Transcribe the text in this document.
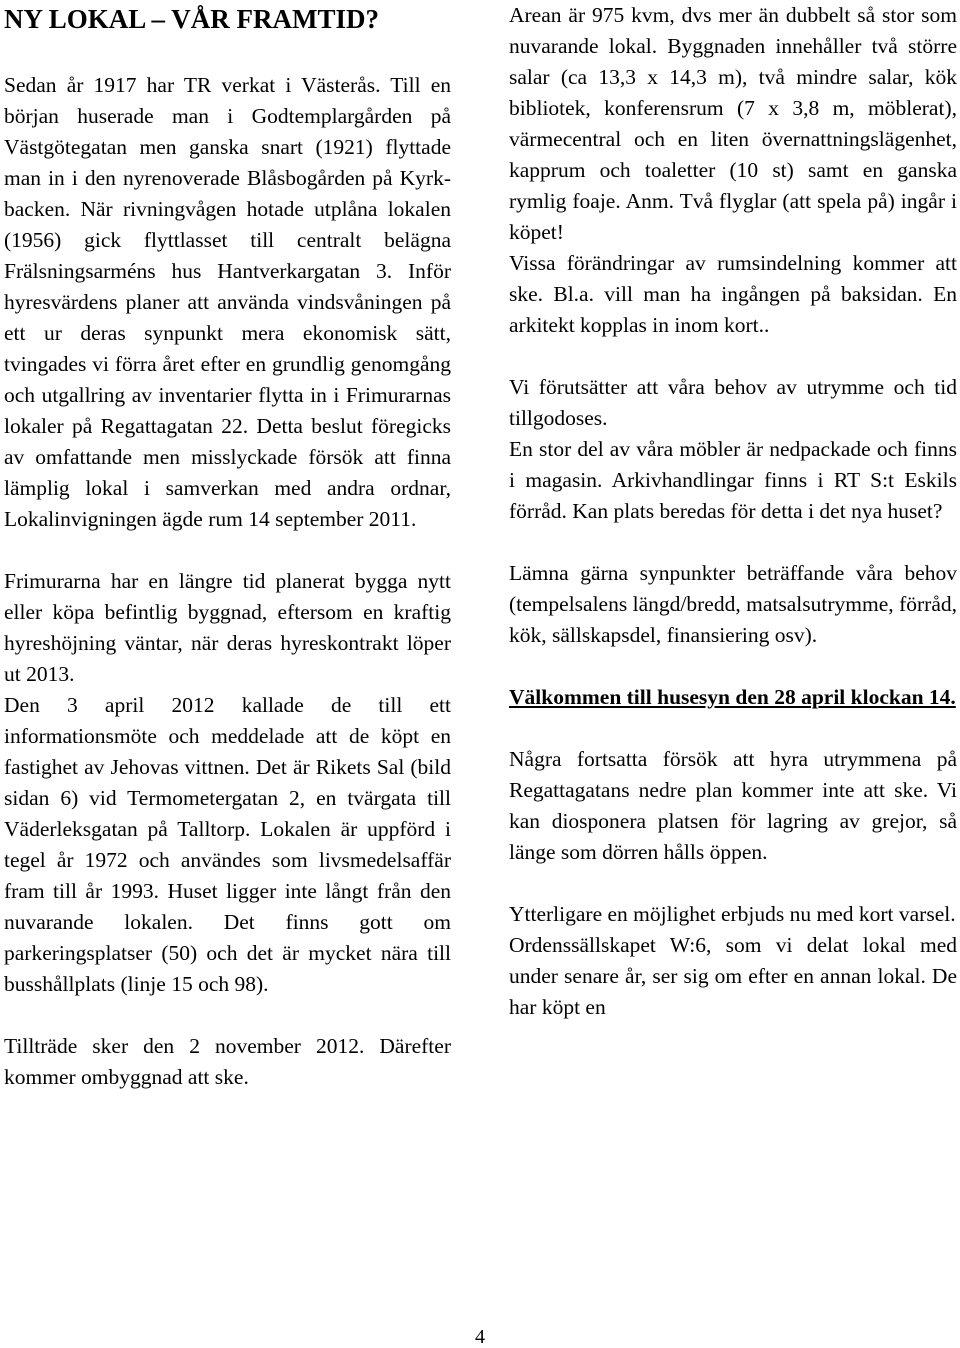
NY LOKAL – VÅR FRAMTID?

Sedan år 1917 har TR verkat i Västerås. Till en början huserade man i Godtemplargården på Västgötegatan men ganska snart (1921) flyttade man in i den nyrenoverade Blåsbogården på Kyrkbacken. När rivningvågen hotade utplåna lokalen (1956) gick flyttlasset till centralt belägna Frälsningsarméns hus Hantverkargatan 3. Inför hyresvärdens planer att använda vindsvåningen på ett ur deras synpunkt mera ekonomisk sätt, tvingades vi förra året efter en grundlig genomgång och utgallring av inventarier flytta in i Frimurarnas lokaler på Regattagatan 22. Detta beslut föregicks av omfattande men misslyckade försök att finna lämplig lokal i samverkan med andra ordnar, Lokalinvigningen ägde rum 14 september 2011.

Frimurarna har en längre tid planerat bygga nytt eller köpa befintlig byggnad, eftersom en kraftig hyreshöjning väntar, när deras hyreskontrakt löper ut 2013.

Den 3 april 2012 kallade de till ett informationsmöte och meddelade att de köpt en fastighet av Jehovas vittnen. Det är Rikets Sal (bild sidan 6) vid Termometergatan 2, en tvärgata till Väderleksgatan på Talltorp. Lokalen är uppförd i tegel år 1972 och användes som livsmedelsaffär fram till år 1993. Huset ligger inte långt från den nuvarande lokalen. Det finns gott om parkeringsplatser (50) och det är mycket nära till busshållplats (linje 15 och 98).

Tillträde sker den 2 november 2012. Därefter kommer ombyggnad att ske.

Arean är 975 kvm, dvs mer än dubbelt så stor som nuvarande lokal. Byggnaden innehåller två större salar (ca 13,3 x 14,3 m), två mindre salar, kök bibliotek, konferensrum (7 x 3,8 m, möblerat), värmecentral och en liten övernattningslägenhet, kapprum och toaletter (10 st) samt en ganska rymlig foaje. Anm. Två flyglar (att spela på) ingår i köpet!

Vissa förändringar av rumsindelning kommer att ske. Bl.a. vill man ha ingången på baksidan. En arkitekt kopplas in inom kort..

Vi förutsätter att våra behov av utrymme och tid tillgodoses.

En stor del av våra möbler är nedpackade och finns i magasin. Arkivhandlingar finns i RT S:t Eskils förråd. Kan plats beredas för detta i det nya huset?

Lämna gärna synpunkter beträffande våra behov (tempelsalens längd/bredd, matsalsutrymme, förråd, kök, sällskapsdel, finansiering osv).

Välkommen till husesyn den 28 april klockan 14.

Några fortsatta försök att hyra utrymmena på Regattagatans nedre plan kommer inte att ske. Vi kan diosponera platsen för lagring av grejor, så länge som dörren hålls öppen.

Ytterligare en möjlighet erbjuds nu med kort varsel.

Ordenssällskapet W:6, som vi delat lokal med under senare år, ser sig om efter en annan lokal. De har köpt en

4
